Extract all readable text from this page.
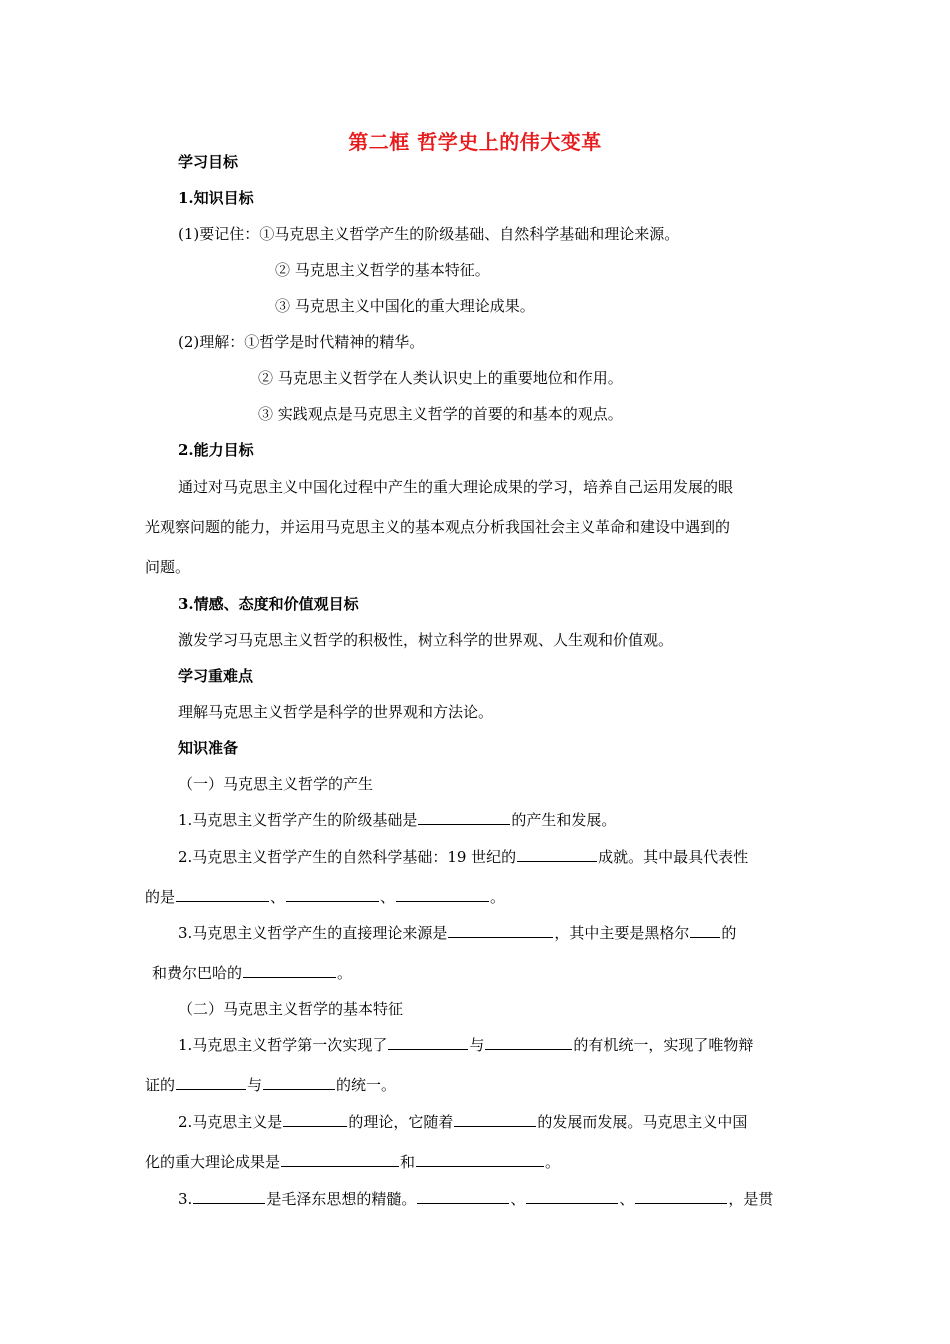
第二框 哲学史上的伟大变革
学习目标
1.知识目标
(1)要记住：①马克思主义哲学产生的阶级基础、自然科学基础和理论来源。
② 马克思主义哲学的基本特征。
③ 马克思主义中国化的重大理论成果。
(2)理解：①哲学是时代精神的精华。
② 马克思主义哲学在人类认识史上的重要地位和作用。
③ 实践观点是马克思主义哲学的首要的和基本的观点。
2.能力目标
通过对马克思主义中国化过程中产生的重大理论成果的学习，培养自己运用发展的眼
光观察问题的能力，并运用马克思主义的基本观点分析我国社会主义革命和建设中遇到的
问题。
3.情感、态度和价值观目标
激发学习马克思主义哲学的积极性，树立科学的世界观、人生观和价值观。
学习重难点
理解马克思主义哲学是科学的世界观和方法论。
知识准备
（一）马克思主义哲学的产生
1.马克思主义哲学产生的阶级基础是	的产生和发展。
2.马克思主义哲学产生的自然科学基础：19 世纪的	成就。其中最具代表性
的是	、	、	。
3.马克思主义哲学产生的直接理论来源是	，其中主要是黑格尔 的
和费尔巴哈的	。
（二）马克思主义哲学的基本特征
1.马克思主义哲学第一次实现了	与	的有机统一，实现了唯物辩
证的	与	的统一。
2.马克思主义是	的理论，它随着	的发展而发展。马克思主义中国
化的重大理论成果是	和	。
3.	是毛泽东思想的精髓。	、	、	，是贯
